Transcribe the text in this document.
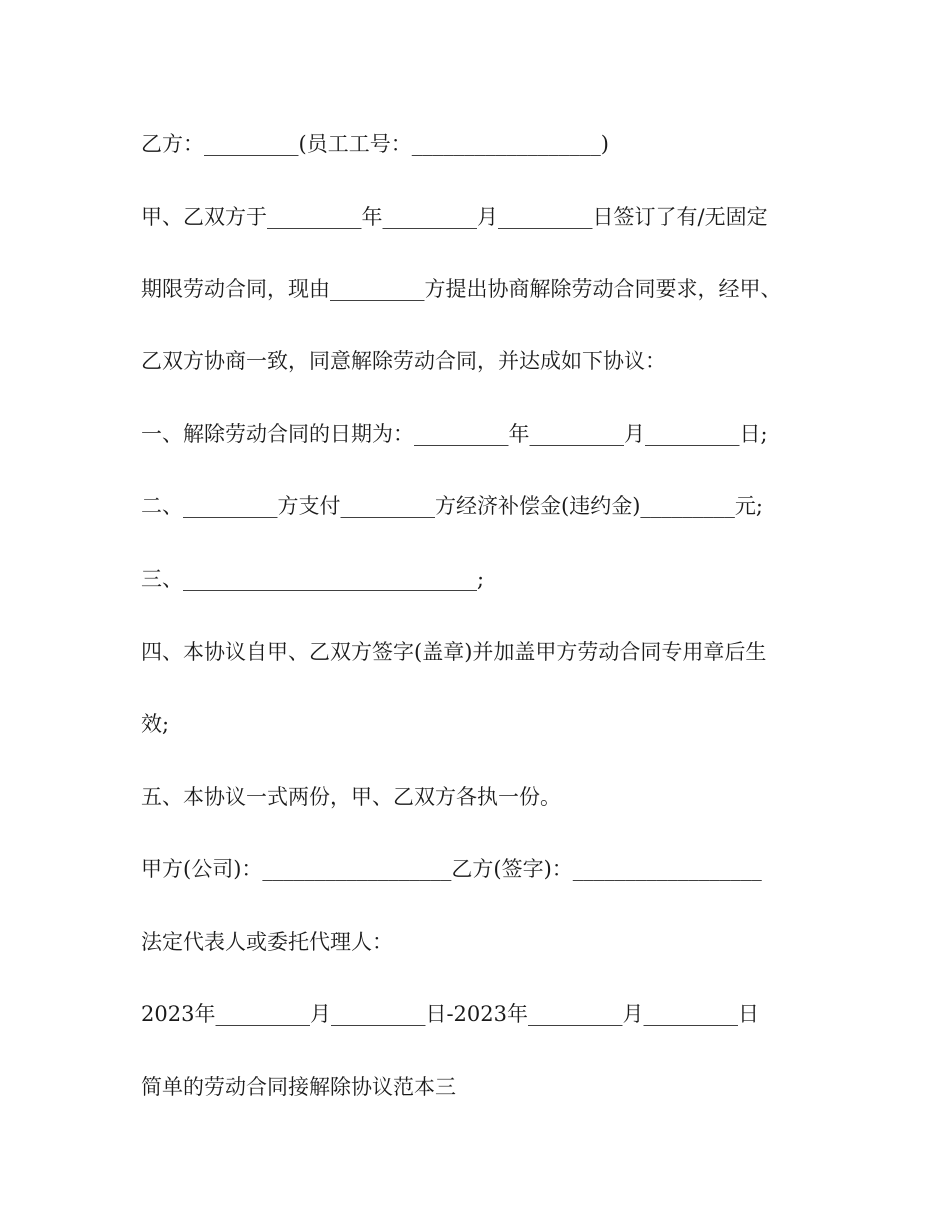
乙方：_________(员工工号：__________________)
甲、乙双方于_________年_________月_________日签订了有/无固定
期限劳动合同，现由_________方提出协商解除劳动合同要求，经甲、
乙双方协商一致，同意解除劳动合同，并达成如下协议：
一、解除劳动合同的日期为：_________年_________月_________日;
二、_________方支付_________方经济补偿金(违约金)_________元;
三、____________________________;
四、本协议自甲、乙双方签字(盖章)并加盖甲方劳动合同专用章后生
效;
五、本协议一式两份，甲、乙双方各执一份。
甲方(公司)：__________________乙方(签字)：__________________
法定代表人或委托代理人：
2023年_________月_________日-2023年_________月_________日
简单的劳动合同接解除协议范本三
